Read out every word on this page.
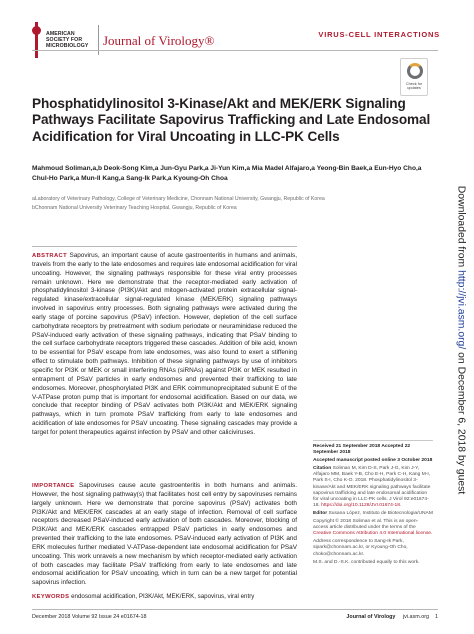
AMERICAN SOCIETY FOR MICROBIOLOGY	Journal of Virology®	VIRUS-CELL INTERACTIONS
Check for updates
Phosphatidylinositol 3-Kinase/Akt and MEK/ERK Signaling Pathways Facilitate Sapovirus Trafficking and Late Endosomal Acidification for Viral Uncoating in LLC-PK Cells
Mahmoud Soliman,a,b Deok-Song Kim,a Jun-Gyu Park,a Ji-Yun Kim,a Mia Madel Alfajaro,a Yeong-Bin Baek,a Eun-Hyo Cho,a Chul-Ho Park,a Mun-Il Kang,a Sang-Ik Park,a Kyoung-Oh Choa

aLaboratory of Veterinary Pathology, College of Veterinary Medicine, Chonnam National University, Gwangju, Republic of Korea

bChonnam National University Veterinary Teaching Hospital, Gwangju, Republic of Korea

ABSTRACT Sapovirus, an important cause of acute gastroenteritis in humans and animals, travels from the early to the late endosomes and requires late endosomal acidification for viral uncoating. However, the signaling pathways responsible for these viral entry processes remain unknown. Here we demonstrate that the receptor-mediated early activation of phosphatidylinositol 3-kinase (PI3K)/Akt and mitogen-activated protein extracellular signal-regulated kinase/extracellular signal-regulated kinase (MEK/ERK) signaling pathways involved in sapovirus entry processes. Both signaling pathways were activated during the early stage of porcine sapovirus (PSaV) infection. However, depletion of the cell surface carbohydrate receptors by pretreatment with sodium periodate or neuraminidase reduced the PSaV-induced early activation of these signaling pathways, indicating that PSaV binding to the cell surface carbohydrate receptors triggered these cascades. Addition of bile acid, known to be essential for PSaV escape from late endosomes, was also found to exert a stiffening effect to stimulate both pathways. Inhibition of these signaling pathways by use of inhibitors specific for PI3K or MEK or small interfering RNAs (siRNAs) against PI3K or MEK resulted in entrapment of PSaV particles in early endosomes and prevented their trafficking to late endosomes. Moreover, phosphorylated PI3K and ERK coimmunoprecipitated subunit E of the V-ATPase proton pump that is important for endosomal acidification. Based on our data, we conclude that receptor binding of PSaV activates both PI3K/Akt and MEK/ERK signaling pathways, which in turn promote PSaV trafficking from early to late endosomes and acidification of late endosomes for PSaV uncoating. These signaling cascades may provide a target for potent therapeutics against infection by PSaV and other caliciviruses.
IMPORTANCE Sapoviruses cause acute gastroenteritis in both humans and animals. However, the host signaling pathway(s) that facilitates host cell entry by sapoviruses remains largely unknown. Here we demonstrate that porcine sapovirus (PSaV) activates both PI3K/Akt and MEK/ERK cascades at an early stage of infection. Removal of cell surface receptors decreased PSaV-induced early activation of both cascades. Moreover, blocking of PI3K/Akt and MEK/ERK cascades entrapped PSaV particles in early endosomes and prevented their trafficking to the late endosomes. PSaV-induced early activation of PI3K and ERK molecules further mediated V-ATPase-dependent late endosomal acidification for PSaV uncoating. This work unravels a new mechanism by which receptor-mediated early activation of both cascades may facilitate PSaV trafficking from early to late endosomes and late endosomal acidification for PSaV uncoating, which in turn can be a new target for potential sapovirus infection.
KEYWORDS endosomal acidification, PI3K/Akt, MEK/ERK, sapovirus, viral entry
Received 21 September 2018 Accepted 22 September 2018
Accepted manuscript posted online 3 October 2018
Citation Soliman M, Kim D-S, Park J-G, Kim J-Y, Alfajaro MM, Baek Y-B, Cho E-H, Park C-H, Kang M-I, Park S-I, Cho K-O. 2018. Phosphatidylinositol 3-kinase/Akt and MEK/ERK signaling pathways facilitate sapovirus trafficking and late endosomal acidification for viral uncoating in LLC-PK cells. J Virol 92:e01674-18. https://doi.org/10.1128/JVI.01674-18.
Editor Susana López, Instituto de Biotecnologia/UNAM
Copyright © 2018 Soliman et al. This is an open-access article distributed under the terms of the Creative Commons Attribution 4.0 International license.
Address correspondence to Sang-Ik Park, sipark@chonnam.ac.kr, or Kyoung-Oh Cho, choko@chonnam.ac.kr.
M.S. and D.-S.K. contributed equally to this work.
Downloaded from http://jvi.asm.org/ on December 6, 2018 by guest
December 2018 Volume 92 Issue 24 e01674-18	Journal of Virology jvi.asm.org 1
